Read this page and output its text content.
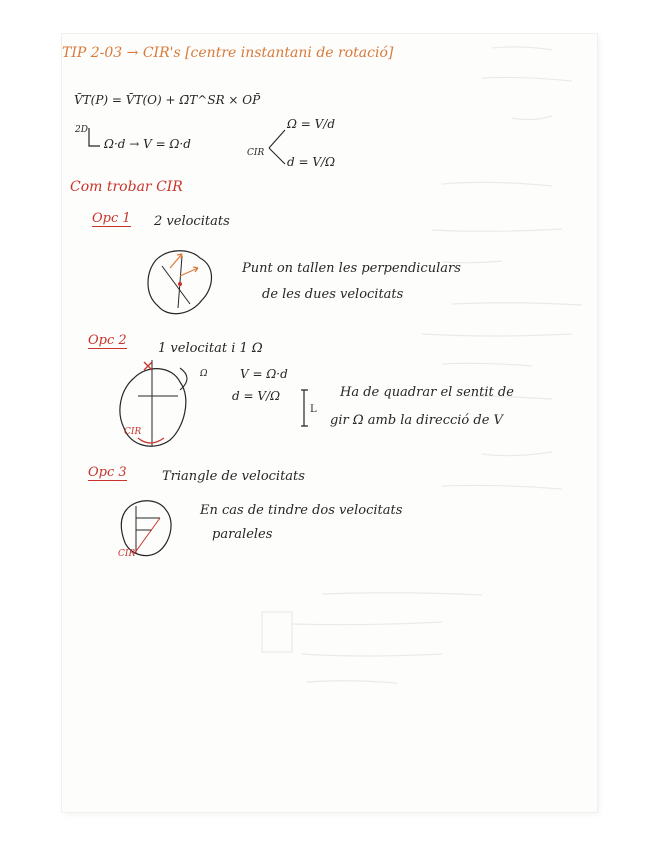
TIP 2-03 → CIR's [centre instantani de rotació]
V̄T(P) = V̄T(O) + Ω̄T^SR × OP̄
2D
Ω·d → V = Ω·d
CIR
Ω = V/d
d = V/Ω
Com trobar CIR
Opc 1 2 velocitats
Punt on tallen les perpendiculars
de les dues velocitats
Opc 2
1 velocitat i 1 Ω
CIR
Ω	V = Ω·d
d = V/Ω
L
Ha de quadrar el sentit de
gir Ω amb la direcció de V
Opc 3	Triangle de velocitats
CIR
En cas de tindre dos velocitats
paraleles
